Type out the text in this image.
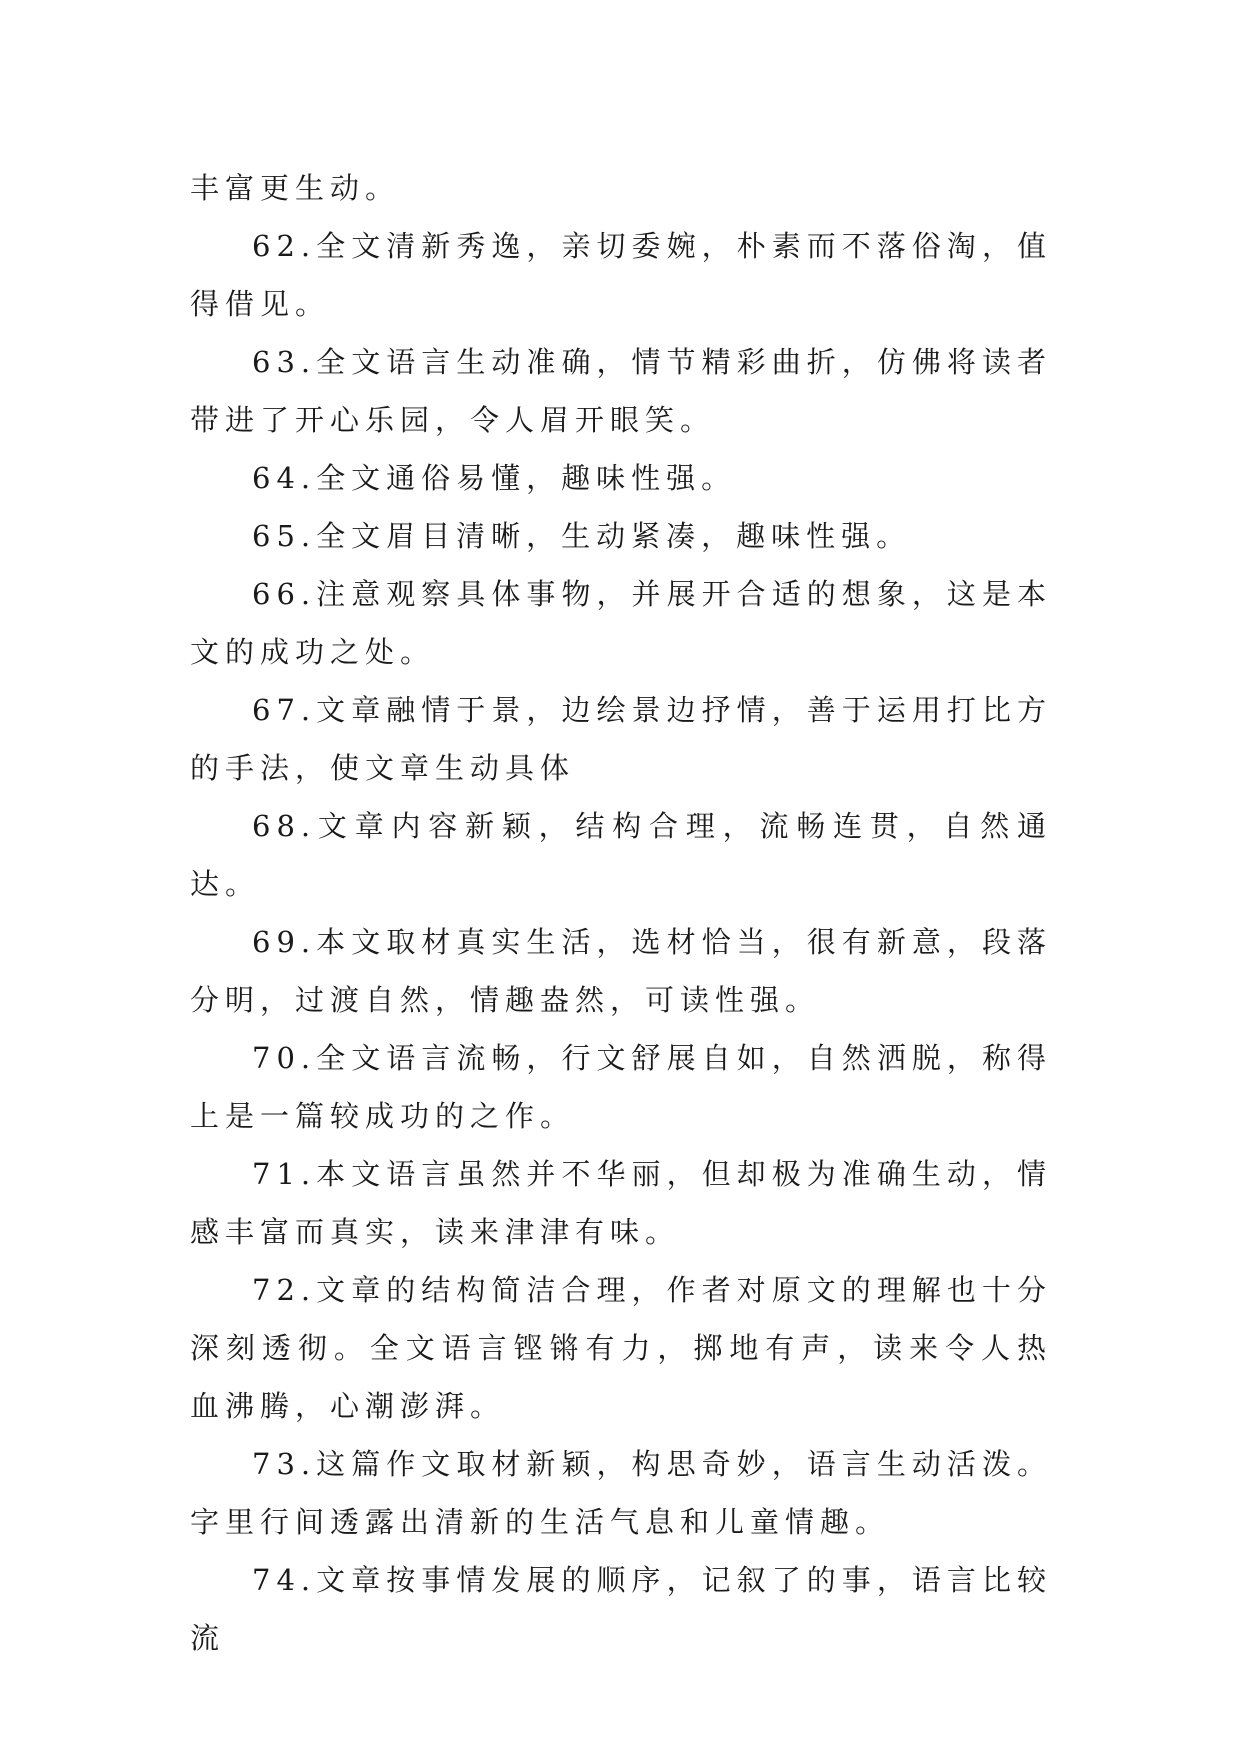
丰富更生动。

62.全文清新秀逸，亲切委婉，朴素而不落俗淘，值得借见。

63.全文语言生动准确，情节精彩曲折，仿佛将读者带进了开心乐园，令人眉开眼笑。

64.全文通俗易懂，趣味性强。

65.全文眉目清晰，生动紧凑，趣味性强。

66.注意观察具体事物，并展开合适的想象，这是本文的成功之处。

67.文章融情于景，边绘景边抒情，善于运用打比方的手法，使文章生动具体

68.文章内容新颖，结构合理，流畅连贯，自然通达。

69.本文取材真实生活，选材恰当，很有新意，段落分明，过渡自然，情趣盎然，可读性强。

70.全文语言流畅，行文舒展自如，自然洒脱，称得上是一篇较成功的之作。

71.本文语言虽然并不华丽，但却极为准确生动，情感丰富而真实，读来津津有味。

72.文章的结构简洁合理，作者对原文的理解也十分深刻透彻。全文语言铿锵有力，掷地有声，读来令人热血沸腾，心潮澎湃。

73.这篇作文取材新颖，构思奇妙，语言生动活泼。字里行间透露出清新的生活气息和儿童情趣。

74.文章按事情发展的顺序，记叙了的事，语言比较流
